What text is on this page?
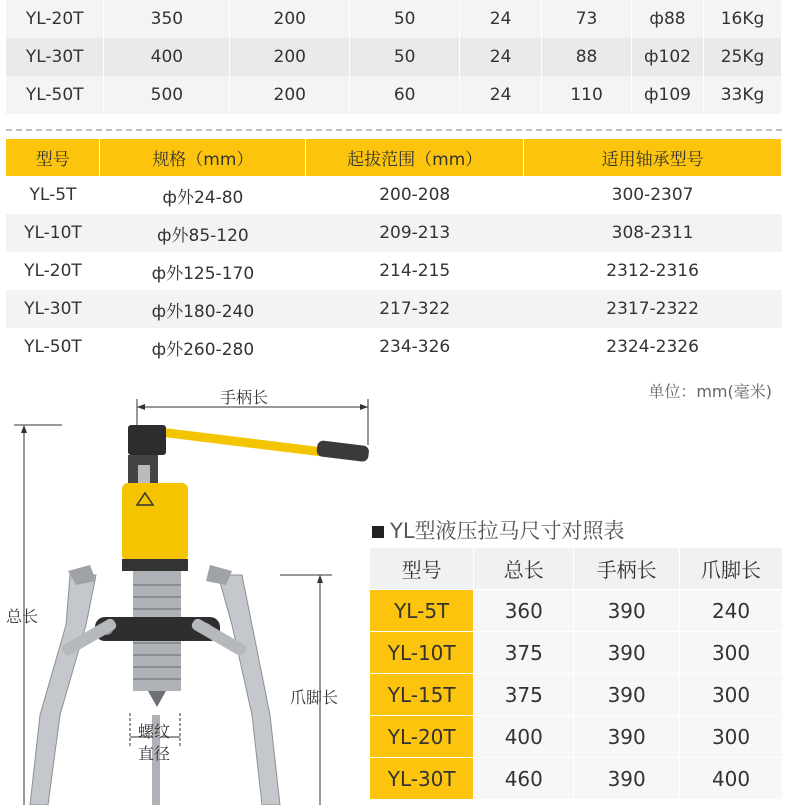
YL-20T	350	200	50	24	73	ф88	16Kg
YL-30T	400	200	50	24	88	ф102	25Kg
YL-50T	500	200	60	24	110	ф109	33Kg
型号	规格（mm）	起拔范围（mm）	适用轴承型号
YL-5T	ф外24-80	200-208	300-2307
YL-10T	ф外85-120	209-213	308-2311
YL-20T	ф外125-170	214-215	2312-2316
YL-30T	ф外180-240	217-322	2317-2322
YL-50T	ф外260-280	234-326	2324-2326
单位：mm(毫米)
手柄长
总长
爪脚长
螺纹
直径
YL型液压拉马尺寸对照表
型号	总长	手柄长	爪脚长
YL-5T	360	390	240
YL-10T	375	390	300
YL-15T	375	390	300
YL-20T	400	390	300
YL-30T	460	390	400
